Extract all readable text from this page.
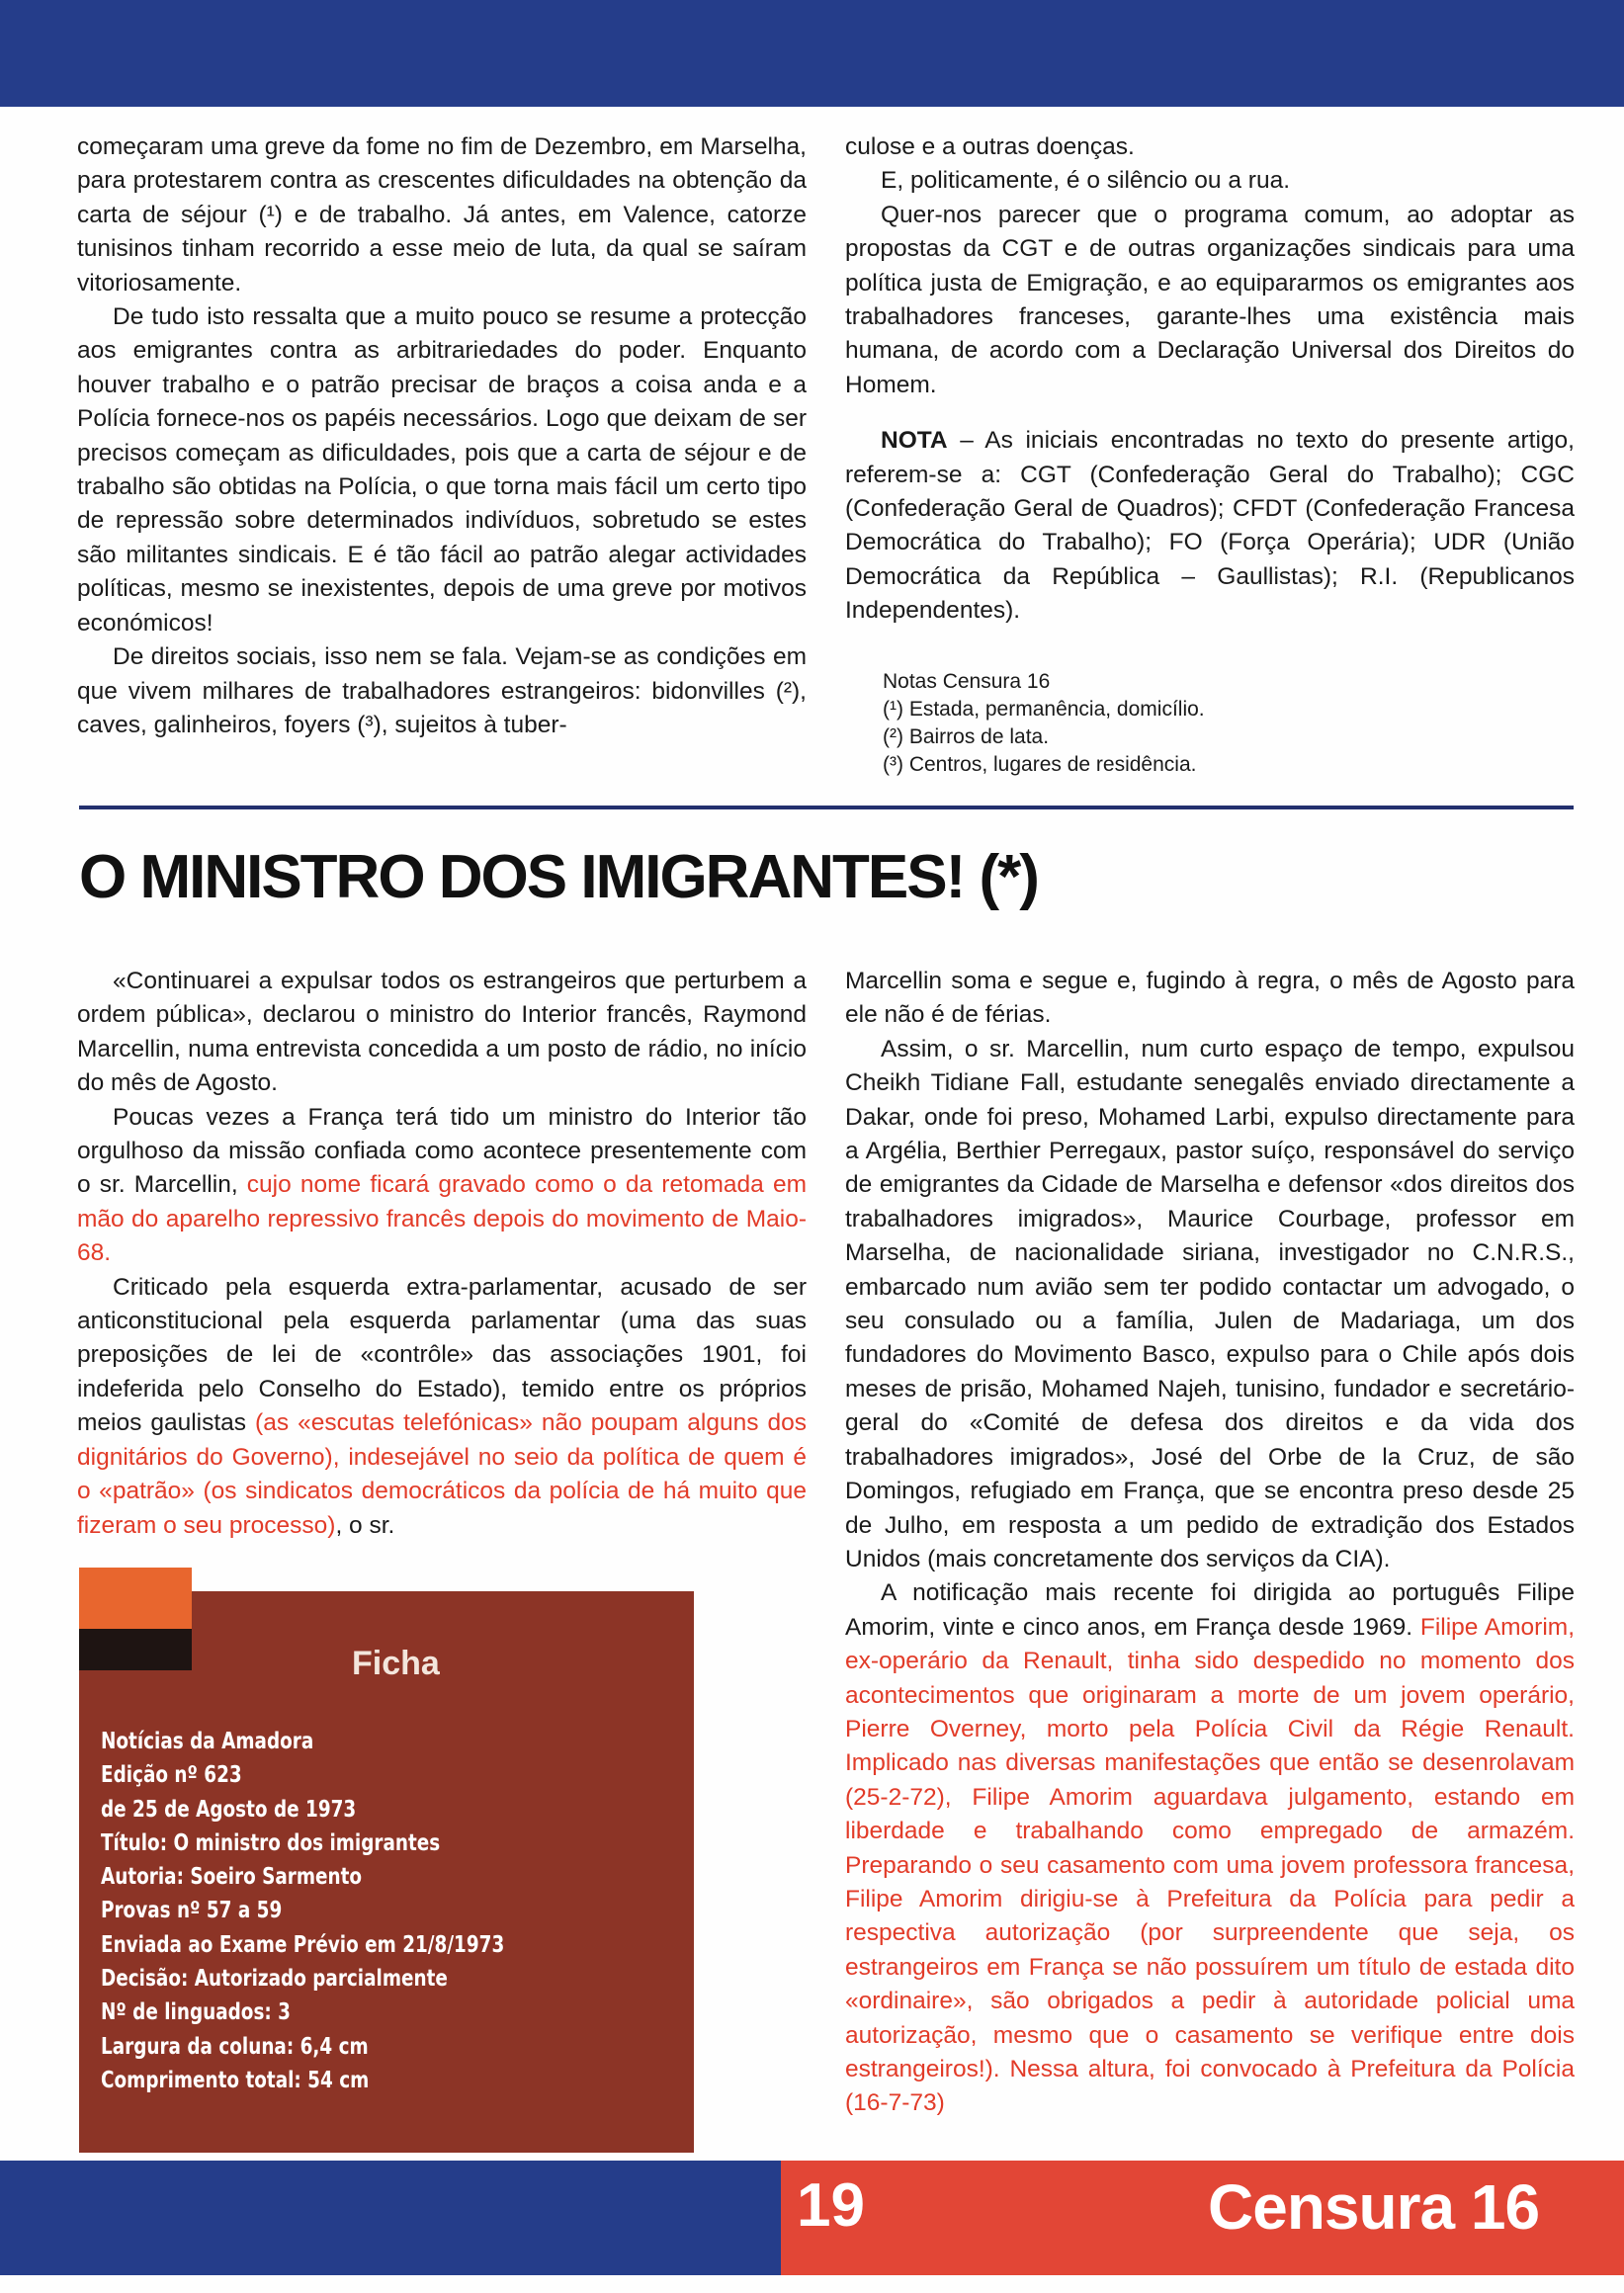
começaram uma greve da fome no fim de Dezembro, em Marselha, para protestarem contra as crescentes dificuldades na obtenção da carta de séjour (¹) e de trabalho. Já antes, em Valence, catorze tunisinos tinham recorrido a esse meio de luta, da qual se saíram vitoriosamente.

De tudo isto ressalta que a muito pouco se resume a protecção aos emigrantes contra as arbitrariedades do poder. Enquanto houver trabalho e o patrão precisar de braços a coisa anda e a Polícia fornece-nos os papéis necessários. Logo que deixam de ser precisos começam as dificuldades, pois que a carta de séjour e de trabalho são obtidas na Polícia, o que torna mais fácil um certo tipo de repressão sobre determinados indivíduos, sobretudo se estes são militantes sindicais. E é tão fácil ao patrão alegar actividades políticas, mesmo se inexistentes, depois de uma greve por motivos económicos!

De direitos sociais, isso nem se fala. Vejam-se as condições em que vivem milhares de trabalhadores estrangeiros: bidonvilles (²), caves, galinheiros, foyers (³), sujeitos à tuber-

culose e a outras doenças.

E, politicamente, é o silêncio ou a rua.

Quer-nos parecer que o programa comum, ao adoptar as propostas da CGT e de outras organizações sindicais para uma política justa de Emigração, e ao equipararmos os emigrantes aos trabalhadores franceses, garante-lhes uma existência mais humana, de acordo com a Declaração Universal dos Direitos do Homem.

NOTA – As iniciais encontradas no texto do presente artigo, referem-se a: CGT (Confederação Geral do Trabalho); CGC (Confederação Geral de Quadros); CFDT (Confederação Francesa Democrática do Trabalho); FO (Força Operária); UDR (União Democrática da República – Gaullistas); R.I. (Republicanos Independentes).

Notas Censura 16
(¹) Estada, permanência, domicílio.
(²) Bairros de lata.
(³) Centros, lugares de residência.
O MINISTRO DOS IMIGRANTES! (*)

«Continuarei a expulsar todos os estrangeiros que perturbem a ordem pública», declarou o ministro do Interior francês, Raymond Marcellin, numa entrevista concedida a um posto de rádio, no início do mês de Agosto.

Poucas vezes a França terá tido um ministro do Interior tão orgulhoso da missão confiada como acontece presentemente com o sr. Marcellin, cujo nome ficará gravado como o da retomada em mão do aparelho repressivo francês depois do movimento de Maio-68.

Criticado pela esquerda extra-parlamentar, acusado de ser anticonstitucional pela esquerda parlamentar (uma das suas preposições de lei de «contrôle» das associações 1901, foi indeferida pelo Conselho do Estado), temido entre os próprios meios gaulistas (as «escutas telefónicas» não poupam alguns dos dignitários do Governo), indesejável no seio da política de quem é o «patrão» (os sindicatos democráticos da polícia de há muito que fizeram o seu processo), o sr.

Marcellin soma e segue e, fugindo à regra, o mês de Agosto para ele não é de férias.

Assim, o sr. Marcellin, num curto espaço de tempo, expulsou Cheikh Tidiane Fall, estudante senegalês enviado directamente a Dakar, onde foi preso, Mohamed Larbi, expulso directamente para a Argélia, Berthier Perregaux, pastor suíço, responsável do serviço de emigrantes da Cidade de Marselha e defensor «dos direitos dos trabalhadores imigrados», Maurice Courbage, professor em Marselha, de nacionalidade siriana, investigador no C.N.R.S., embarcado num avião sem ter podido contactar um advogado, o seu consulado ou a família, Julen de Madariaga, um dos fundadores do Movimento Basco, expulso para o Chile após dois meses de prisão, Mohamed Najeh, tunisino, fundador e secretário-geral do «Comité de defesa dos direitos e da vida dos trabalhadores imigrados», José del Orbe de la Cruz, de são Domingos, refugiado em França, que se encontra preso desde 25 de Julho, em resposta a um pedido de extradição dos Estados Unidos (mais concretamente dos serviços da CIA).

A notificação mais recente foi dirigida ao português Filipe Amorim, vinte e cinco anos, em França desde 1969. Filipe Amorim, ex-operário da Renault, tinha sido despedido no momento dos acontecimentos que originaram a morte de um jovem operário, Pierre Overney, morto pela Polícia Civil da Régie Renault. Implicado nas diversas manifestações que então se desenrolavam (25-2-72), Filipe Amorim aguardava julgamento, estando em liberdade e trabalhando como empregado de armazém. Preparando o seu casamento com uma jovem professora francesa, Filipe Amorim dirigiu-se à Prefeitura da Polícia para pedir a respectiva autorização (por surpreendente que seja, os estrangeiros em França se não possuírem um título de estada dito «ordinaire», são obrigados a pedir à autoridade policial uma autorização, mesmo que o casamento se verifique entre dois estrangeiros!). Nessa altura, foi convocado à Prefeitura da Polícia (16-7-73)

Ficha
Notícias da Amadora
Edição nº 623
de 25 de Agosto de 1973
Título: O ministro dos imigrantes
Autoria: Soeiro Sarmento
Provas nº 57 a 59
Enviada ao Exame Prévio em 21/8/1973
Decisão: Autorizado parcialmente
Nº de linguados: 3
Largura da coluna: 6,4 cm
Comprimento total: 54 cm
19	Censura 16
